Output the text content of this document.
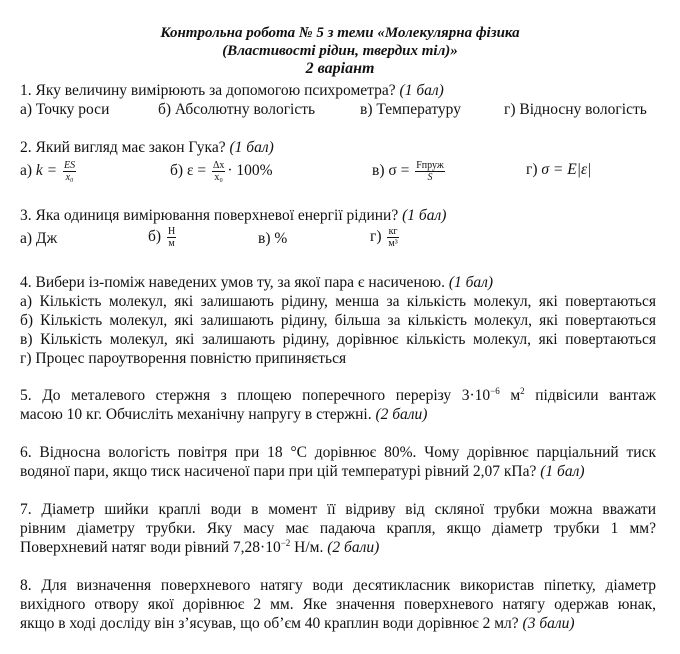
Контрольна робота № 5 з теми «Молекулярна фізика
(Властивості рідин, твердих тіл)»
2 варіант
1. Яку величину вимірюють за допомогою психрометра? (1 бал)
а) Точку роси	б) Абсолютну вологість	в) Температуру	г) Відносну вологість
2. Який вигляд має закон Гука? (1 бал)
а) $k = \frac{ES}{\text{x₀}}$	б) $\varepsilon = \frac{\Delta x}{\text{x₀}} \cdot 100\%$	в) $\sigma = \frac{\text{Fпруж}}{S}$	г) σ = E|ε|
3. Яка одиниця вимірювання поверхневої енергії рідини? (1 бал)
а) Дж	$б) \frac{Н}{м}$	в) %	$г) \frac{кг}{\text{м³}}$
4. Вибери із-поміж наведених умов ту, за якої пара є насиченою. (1 бал)
а) Кількість молекул, які залишають рідину, менша за кількість молекул, які повертаються
б) Кількість молекул, які залишають рідину, більша за кількість молекул, які повертаються
в) Кількість молекул, які залишають рідину, дорівнює кількість молекул, які повертаються
г) Процес пароутворення повністю припиняється
5. До металевого стержня з площею поперечного перерізу $3\cdot 10^{-6}$ $м^2$ підвісили вантаж
масою 10 кг. Обчисліть механічну напругу в стержні. (2 бали)
6. Відносна вологість повітря при 18 °С дорівнює 80%. Чому дорівнює парціальний тиск
водяної пари, якщо тиск насиченої пари при цій температурі рівний 2,07 кПа? (1 бал)
7. Діаметр шийки краплі води в момент її відриву від скляної трубки можна вважати
рівним діаметру трубки. Яку масу має падаюча крапля, якщо діаметр трубки 1 мм?
Поверхневий натяг води рівний $7,28\cdot 10^{-2}$ Н/м. (2 бали)
8. Для визначення поверхневого натягу води десятикласник використав піпетку, діаметр
вихідного отвору якої дорівнює 2 мм. Яке значення поверхневого натягу одержав юнак,
якщо в ході досліду він з’ясував, що об’єм 40 краплин води дорівнює 2 мл? (3 бали)
